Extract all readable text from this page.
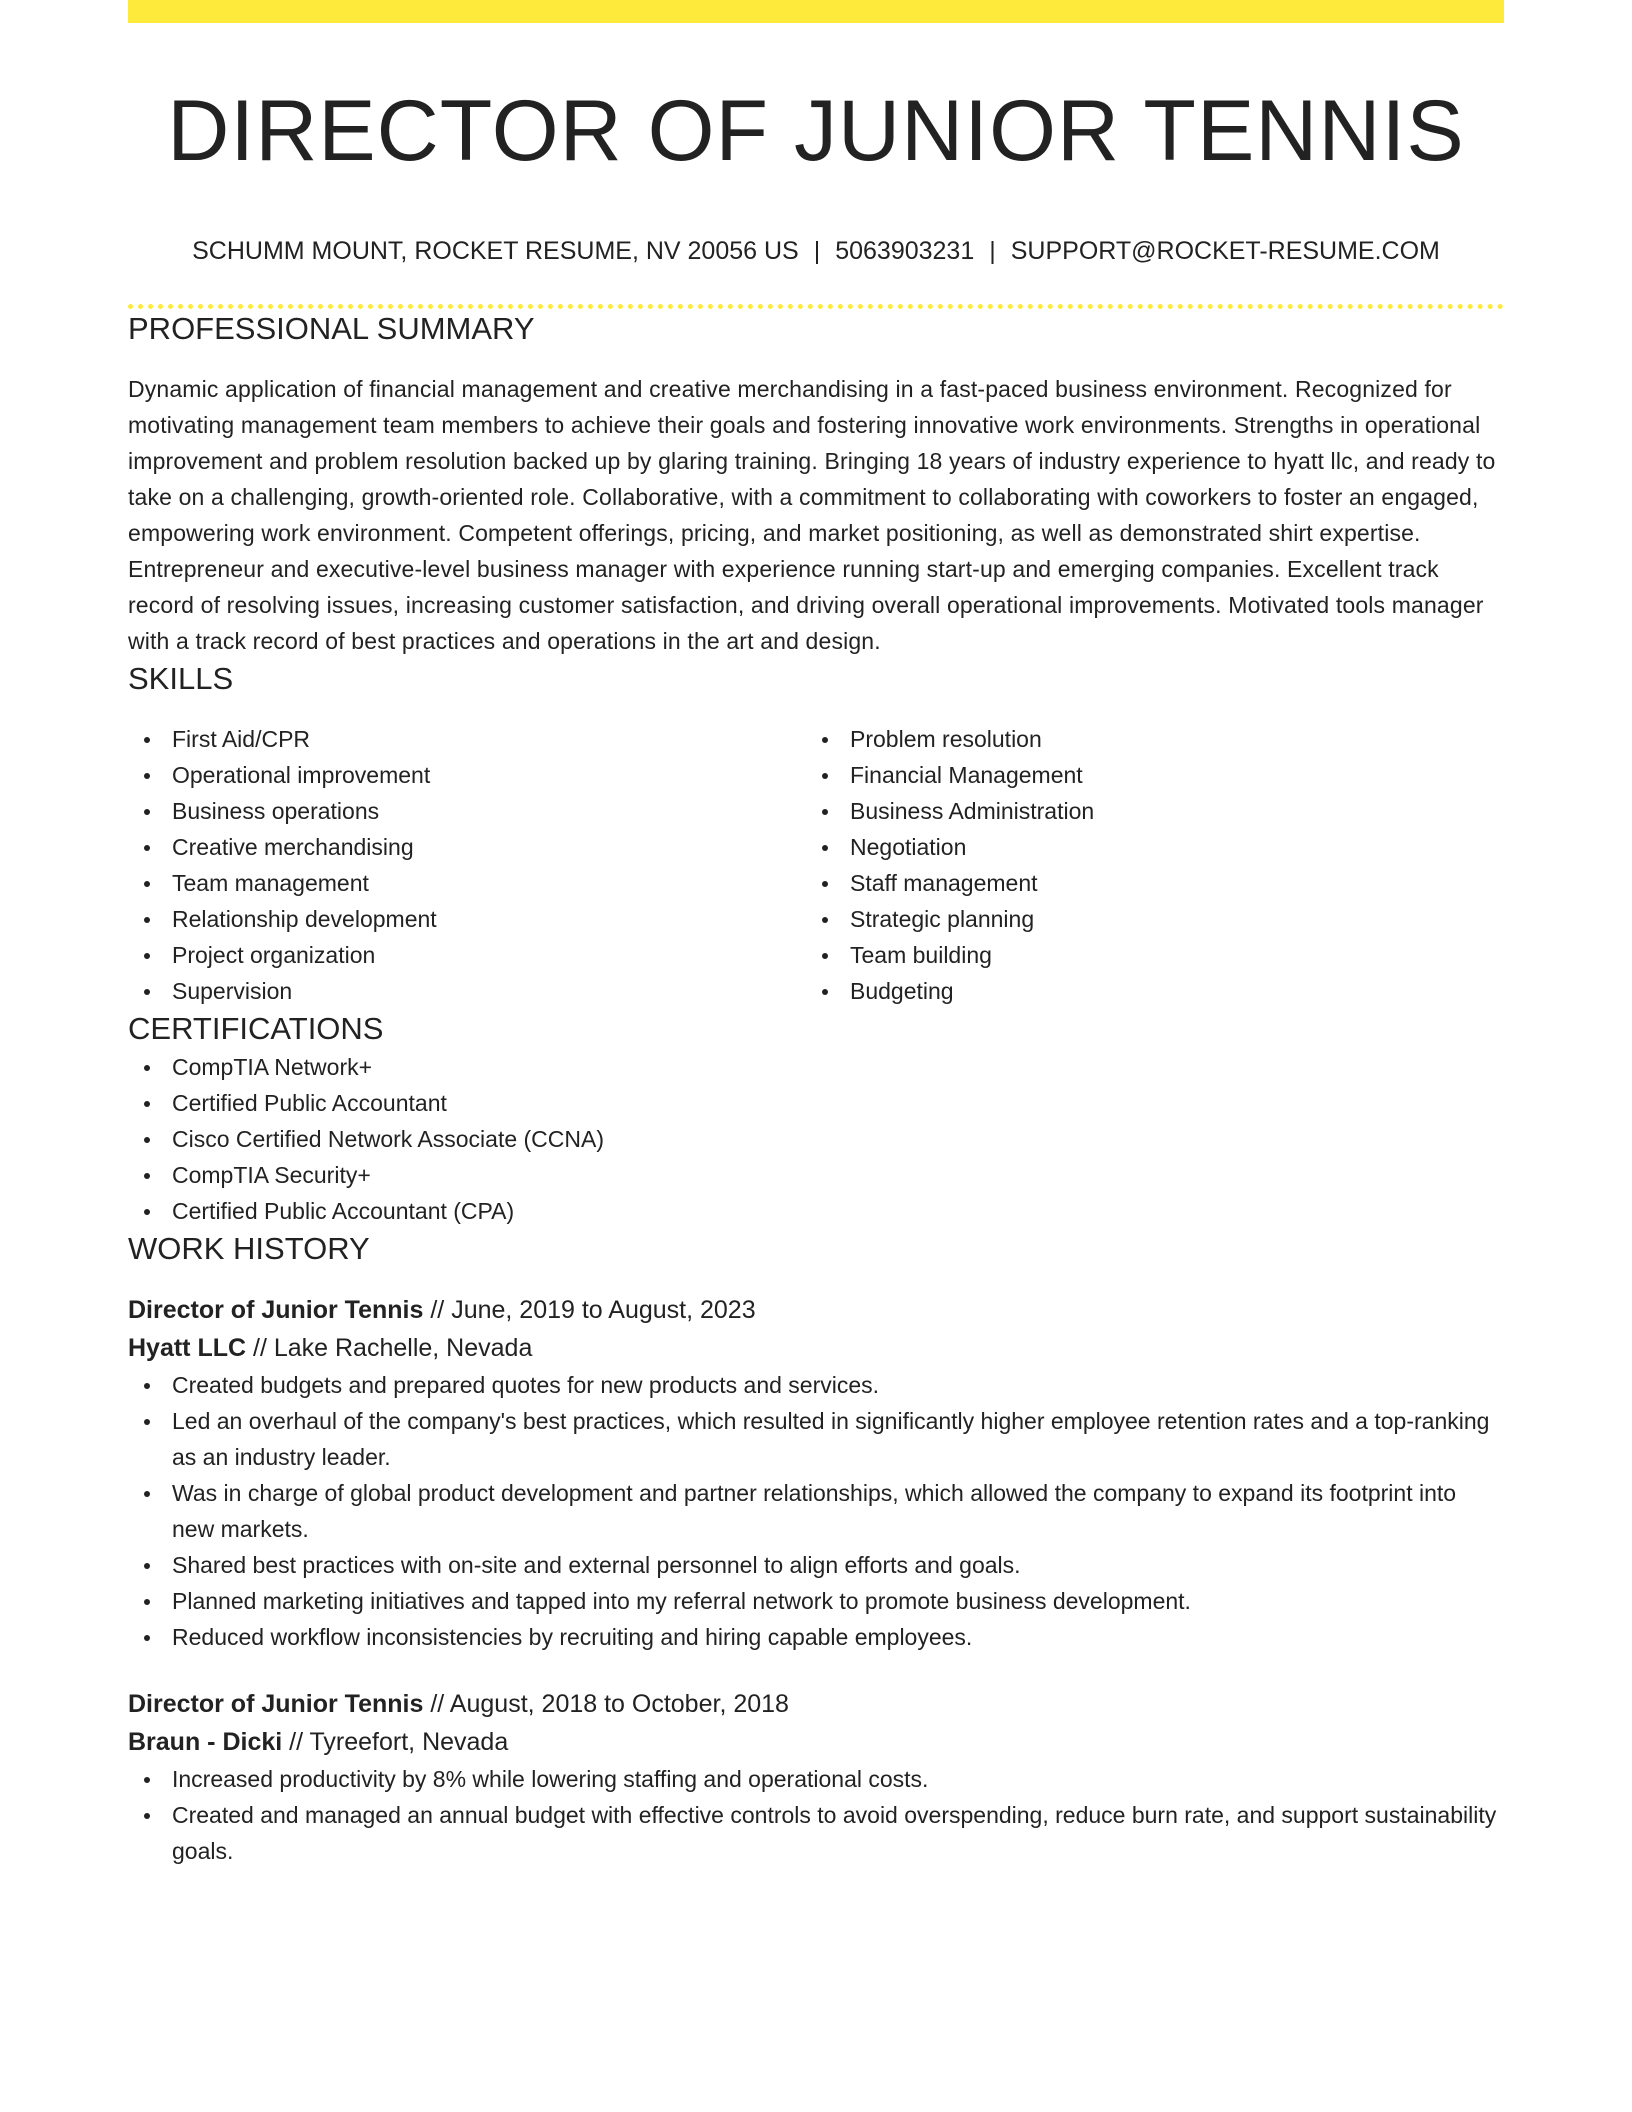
DIRECTOR OF JUNIOR TENNIS
SCHUMM MOUNT, ROCKET RESUME, NV 20056 US | 5063903231 | SUPPORT@ROCKET-RESUME.COM
PROFESSIONAL SUMMARY

Dynamic application of financial management and creative merchandising in a fast-paced business environment. Recognized for motivating management team members to achieve their goals and fostering innovative work environments. Strengths in operational improvement and problem resolution backed up by glaring training. Bringing 18 years of industry experience to hyatt llc, and ready to take on a challenging, growth-oriented role. Collaborative, with a commitment to collaborating with coworkers to foster an engaged, empowering work environment. Competent offerings, pricing, and market positioning, as well as demonstrated shirt expertise. Entrepreneur and executive-level business manager with experience running start-up and emerging companies. Excellent track record of resolving issues, increasing customer satisfaction, and driving overall operational improvements. Motivated tools manager with a track record of best practices and operations in the art and design.

SKILLS
First Aid/CPR
Operational improvement
Business operations
Creative merchandising
Team management
Relationship development
Project organization
Supervision
Problem resolution
Financial Management
Business Administration
Negotiation
Staff management
Strategic planning
Team building
Budgeting
CERTIFICATIONS
CompTIA Network+
Certified Public Accountant
Cisco Certified Network Associate (CCNA)
CompTIA Security+
Certified Public Accountant (CPA)
WORK HISTORY
Director of Junior Tennis // June, 2019 to August, 2023
Hyatt LLC // Lake Rachelle, Nevada
Created budgets and prepared quotes for new products and services.
Led an overhaul of the company's best practices, which resulted in significantly higher employee retention rates and a top-ranking as an industry leader.
Was in charge of global product development and partner relationships, which allowed the company to expand its footprint into new markets.
Shared best practices with on-site and external personnel to align efforts and goals.
Planned marketing initiatives and tapped into my referral network to promote business development.
Reduced workflow inconsistencies by recruiting and hiring capable employees.
Director of Junior Tennis // August, 2018 to October, 2018
Braun - Dicki // Tyreefort, Nevada
Increased productivity by 8% while lowering staffing and operational costs.
Created and managed an annual budget with effective controls to avoid overspending, reduce burn rate, and support sustainability goals.
